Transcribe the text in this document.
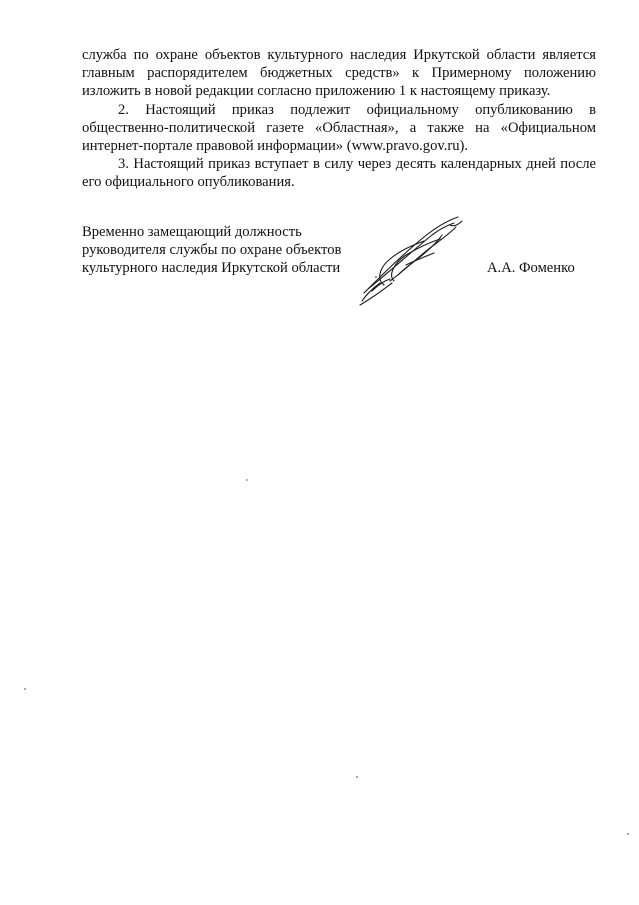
служба по охране объектов культурного наследия Иркутской области является главным распорядителем бюджетных средств» к Примерному положению изложить в новой редакции согласно приложению 1 к настоящему приказу.

2. Настоящий приказ подлежит официальному опубликованию в общественно-политической газете «Областная», а также на «Официальном интернет-портале правовой информации» (www.pravo.gov.ru).

3. Настоящий приказ вступает в силу через десять календарных дней после его официального опубликования.

Временно замещающий должность
руководителя службы по охране объектов
культурного наследия Иркутской области	А.А. Фоменко
